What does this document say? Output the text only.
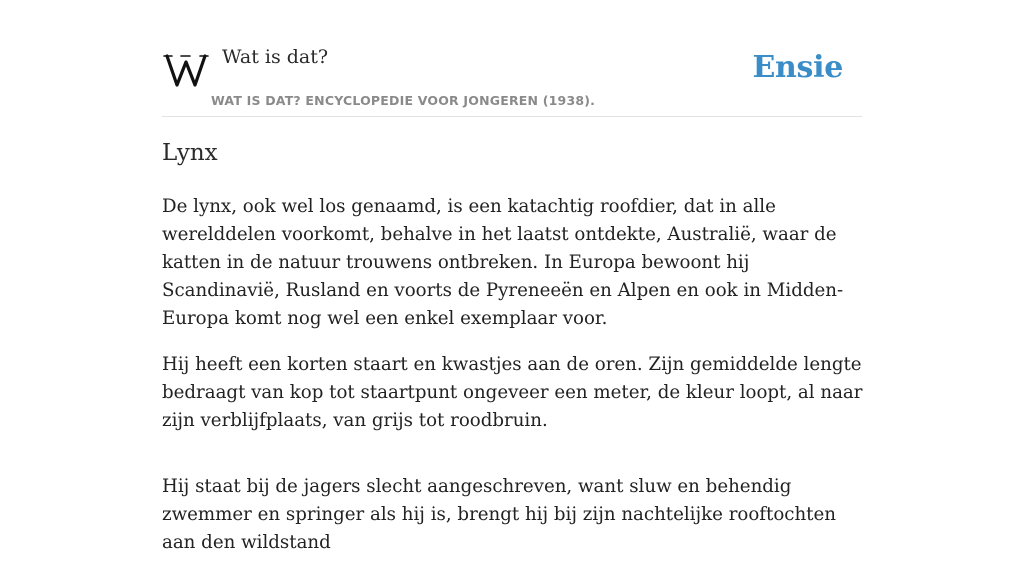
Wat is dat?
WAT IS DAT? ENCYCLOPEDIE VOOR JONGEREN (1938).
Ensie
Lynx

De lynx, ook wel los genaamd, is een katachtig roofdier, dat in alle werelddelen voorkomt, behalve in het laatst ontdekte, Australië, waar de katten in de natuur trouwens ontbreken. In Europa bewoont hij Scandinavië, Rusland en voorts de Pyreneeën en Alpen en ook in Midden-Europa komt nog wel een enkel exemplaar voor.

Hij heeft een korten staart en kwastjes aan de oren. Zijn gemiddelde lengte bedraagt van kop tot staartpunt ongeveer een meter, de kleur loopt, al naar zijn verblijfplaats, van grijs tot roodbruin.

Hij staat bij de jagers slecht aangeschreven, want sluw en behendig zwemmer en springer als hij is, brengt hij bij zijn nachtelijke rooftochten aan den wildstand
